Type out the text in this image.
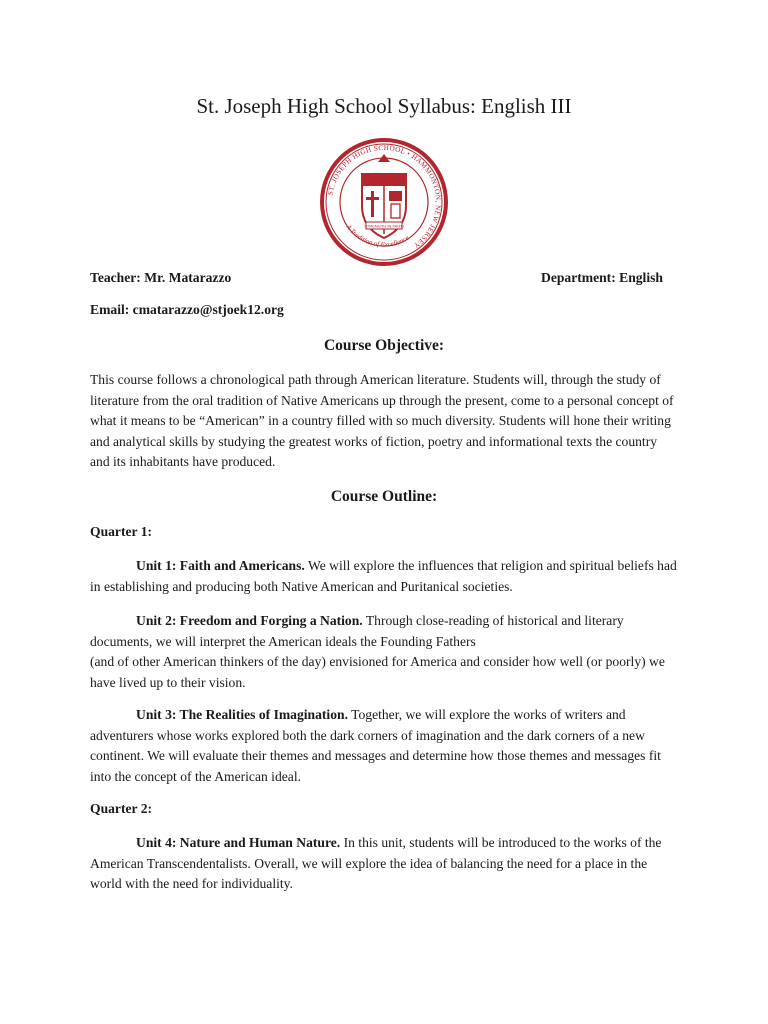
St. Joseph High School Syllabus: English III
ST. JOSEPH HIGH SCHOOL • HAMMONTON, NEW JERSEY
A Tradition of Excellence
STRENGTH IN FAITH
Teacher: Mr. Matarazzo	Department: English
Email: cmatarazzo@stjoek12.org
Course Objective:

This course follows a chronological path through American literature. Students will, through the study of literature from the oral tradition of Native Americans up through the present, come to a personal concept of what it means to be “American” in a country filled with so much diversity. Students will hone their writing and analytical skills by studying the greatest works of fiction, poetry and informational texts the country and its inhabitants have produced.

Course Outline:

Quarter 1:

Unit 1: Faith and Americans. We will explore the influences that religion and spiritual beliefs had in establishing and producing both Native American and Puritanical societies.

Unit 2: Freedom and Forging a Nation. Through close-reading of historical and literary documents, we will interpret the American ideals the Founding Fathers
(and of other American thinkers of the day) envisioned for America and consider how well (or poorly) we have lived up to their vision.

Unit 3: The Realities of Imagination. Together, we will explore the works of writers and adventurers whose works explored both the dark corners of imagination and the dark corners of a new continent. We will evaluate their themes and messages and determine how those themes and messages fit into the concept of the American ideal.

Quarter 2:

Unit 4: Nature and Human Nature. In this unit, students will be introduced to the works of the American Transcendentalists. Overall, we will explore the idea of balancing the need for a place in the world with the need for individuality.
